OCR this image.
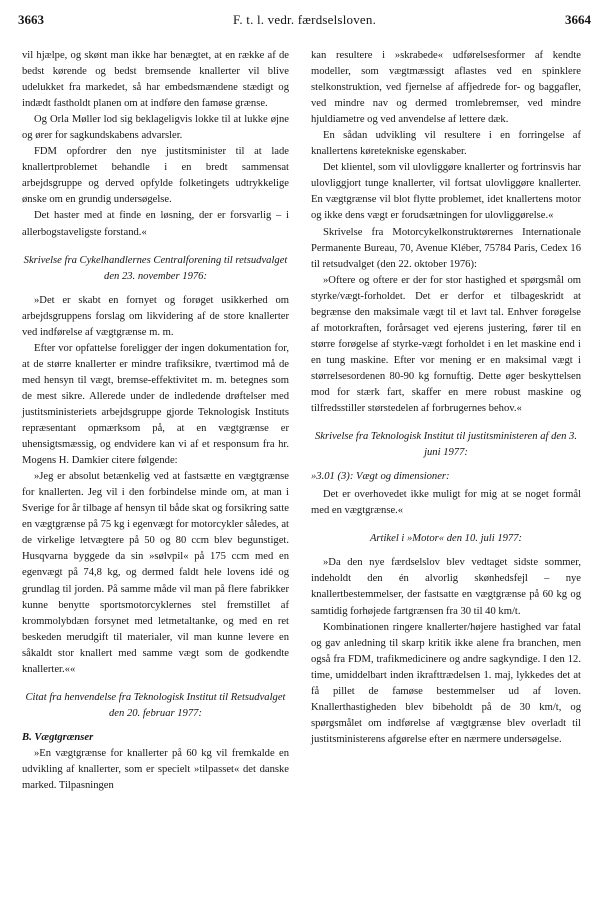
3663	F. t. l. vedr. færdselsloven.	3664

vil hjælpe, og skønt man ikke har benægtet, at en række af de bedst kørende og bedst bremsende knallerter vil blive udelukket fra markedet, så har embedsmændene stædigt og indædt fastholdt planen om at indføre den famøse grænse.

Og Orla Møller lod sig beklageligvis lokke til at lukke øjne og ører for sagkundskabens advarsler.

FDM opfordrer den nye justitsminister til at lade knallertproblemet behandle i en bredt sammensat arbejdsgruppe og derved opfylde folketingets udtrykkelige ønske om en grundig undersøgelse.

Det haster med at finde en løsning, der er forsvarlig – i allerbogstaveligste forstand.«

Skrivelse fra Cykelhandlernes Centralforening til retsudvalget den 23. november 1976:

»Det er skabt en fornyet og forøget usikkerhed om arbejdsgruppens forslag om likvidering af de store knallerter ved indførelse af vægtgrænse m. m.

Efter vor opfattelse foreligger der ingen dokumentation for, at de større knallerter er mindre trafiksikre, tværtimod må de med hensyn til vægt, bremse-effektivitet m. m. betegnes som de mest sikre. Allerede under de indledende drøftelser med justitsministeriets arbejdsgruppe gjorde Teknologisk Instituts repræsentant opmærksom på, at en vægtgrænse er uhensigtsmæssig, og endvidere kan vi af et responsum fra hr. Mogens H. Damkier citere følgende:

»Jeg er absolut betænkelig ved at fastsætte en vægtgrænse for knallerten. Jeg vil i den forbindelse minde om, at man i Sverige for år tilbage af hensyn til både skat og forsikring satte en vægtgrænse på 75 kg i egenvægt for motorcykler således, at de virkelige letvægtere på 50 og 80 ccm blev begunstiget. Husqvarna byggede da sin »sølvpil« på 175 ccm med en egenvægt på 74,8 kg, og dermed faldt hele lovens idé og grundlag til jorden. På samme måde vil man på flere fabrikker kunne benytte sportsmotorcyklernes stel fremstillet af krommolybdæn forsynet med letmetaltanke, og med en ret beskeden merudgift til materialer, vil man kunne levere en såkaldt stor knallert med samme vægt som de godkendte knallerter.««

Citat fra henvendelse fra Teknologisk Institut til Retsudvalget den 20. februar 1977:

B. Vægtgrænser

»En vægtgrænse for knallerter på 60 kg vil fremkalde en udvikling af knallerter, som er specielt »tilpasset« det danske marked. Tilpasningen

kan resultere i »skrabede« udførelsesformer af kendte modeller, som vægtmæssigt aflastes ved en spinklere stelkonstruktion, ved fjernelse af affjedrede for- og baggafler, ved mindre nav og dermed tromlebremser, ved mindre hjuldiametre og ved anvendelse af lettere dæk.

En sådan udvikling vil resultere i en forringelse af knallertens køretekniske egenskaber.

Det klientel, som vil ulovliggøre knallerter og fortrinsvis har ulovliggjort tunge knallerter, vil fortsat ulovliggøre knallerter. En vægtgrænse vil blot flytte problemet, idet knallertens motor og ikke dens vægt er forudsætningen for ulovliggørelse.«

Skrivelse fra Motorcykelkonstruktørernes Internationale Permanente Bureau, 70, Avenue Kléber, 75784 Paris, Cedex 16 til retsudvalget (den 22. oktober 1976):

»Oftere og oftere er der for stor hastighed et spørgsmål om styrke/vægt-forholdet. Det er derfor et tilbageskridt at begrænse den maksimale vægt til et lavt tal. Enhver forøgelse af motorkraften, forårsaget ved ejerens justering, fører til en større forøgelse af styrke-vægt forholdet i en let maskine end i en tung maskine. Efter vor mening er en maksimal vægt i størrelsesordenen 80-90 kg fornuftig. Dette øger beskyttelsen mod for stærk fart, skaffer en mere robust maskine og tilfredsstiller størstedelen af forbrugernes behov.«

Skrivelse fra Teknologisk Institut til justitsministeren af den 3. juni 1977:

»3.01 (3): Vægt og dimensioner:

Det er overhovedet ikke muligt for mig at se noget formål med en vægtgrænse.«

Artikel i »Motor« den 10. juli 1977:

»Da den nye færdselslov blev vedtaget sidste sommer, indeholdt den én alvorlig skønhedsfejl – nye knallertbestemmelser, der fastsatte en vægtgrænse på 60 kg og samtidig forhøjede fartgrænsen fra 30 til 40 km/t.

Kombinationen ringere knallerter/højere hastighed var fatal og gav anledning til skarp kritik ikke alene fra branchen, men også fra FDM, trafikmedicinere og andre sagkyndige. I den 12. time, umiddelbart inden ikrafttrædelsen 1. maj, lykkedes det at få pillet de famøse bestemmelser ud af loven. Knallerthastigheden blev bibeholdt på de 30 km/t, og spørgsmålet om indførelse af vægtgrænse blev overladt til justitsministerens afgørelse efter en nærmere undersøgelse.
